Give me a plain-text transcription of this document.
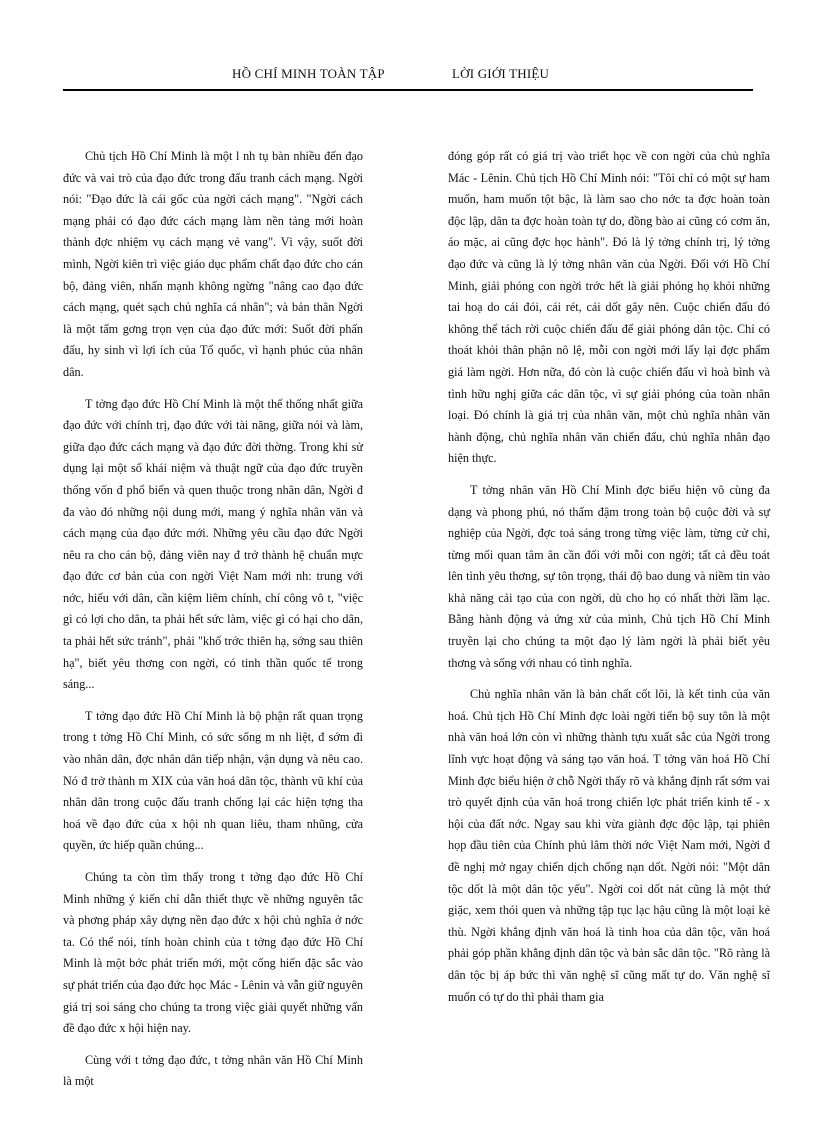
HỒ CHÍ MINH TOÀN TẬP	LỜI GIỚI THIỆU

Chủ tịch Hồ Chí Minh là một l nh tụ bàn nhiều đến đạo đức và vai trò của đạo đức trong đấu tranh cách mạng. Ngời nói: "Đạo đức là cái gốc của ngời cách mạng". "Ngời cách mạng phải có đạo đức cách mạng làm nền tảng mới hoàn thành đợc nhiệm vụ cách mạng vẻ vang". Vì vậy, suốt đời mình, Ngời kiên trì việc giáo dục phẩm chất đạo đức cho cán bộ, đảng viên, nhấn mạnh không ngừng "nâng cao đạo đức cách mạng, quét sạch chủ nghĩa cá nhân"; và bản thân Ngời là một tấm gơng trọn vẹn của đạo đức mới: Suốt đời phấn đấu, hy sinh vì lợi ích của Tổ quốc, vì hạnh phúc của nhân dân.

T tởng đạo đức Hồ Chí Minh là một thể thống nhất giữa đạo đức với chính trị, đạo đức với tài năng, giữa nói và làm, giữa đạo đức cách mạng và đạo đức đời thờng. Trong khi sử dụng lại một số khái niệm và thuật ngữ của đạo đức truyền thống vốn đ phổ biến và quen thuộc trong nhân dân, Ngời đ đa vào đó những nội dung mới, mang ý nghĩa nhân văn và cách mạng của đạo đức mới. Những yêu cầu đạo đức Ngời nêu ra cho cán bộ, đảng viên nay đ trở thành hệ chuẩn mực đạo đức cơ bản của con ngời Việt Nam mới nh: trung với nớc, hiếu với dân, cần kiệm liêm chính, chí công vô t, "việc gì có lợi cho dân, ta phải hết sức làm, việc gì có hại cho dân, ta phải hết sức tránh", phải "khổ trớc thiên hạ, sớng sau thiên hạ", biết yêu thơng con ngời, có tinh thần quốc tế trong sáng...

T tởng đạo đức Hồ Chí Minh là bộ phận rất quan trọng trong t tởng Hồ Chí Minh, có sức sống m nh liệt, đ sớm đi vào nhân dân, đợc nhân dân tiếp nhận, vận dụng và nêu cao. Nó đ trở thành m XIX của văn hoá dân tộc, thành vũ khí của nhân dân trong cuộc đấu tranh chống lại các hiện tợng tha hoá về đạo đức của x hội nh quan liêu, tham nhũng, cửa quyền, ức hiếp quần chúng...

Chúng ta còn tìm thấy trong t tởng đạo đức Hồ Chí Minh những ý kiến chỉ dẫn thiết thực về những nguyên tắc và phơng pháp xây dựng nền đạo đức x hội chủ nghĩa ở nớc ta. Có thể nói, tính hoàn chỉnh của t tởng đạo đức Hồ Chí Minh là một bớc phát triển mới, một cống hiến đặc sắc vào sự phát triển của đạo đức học Mác - Lênin và vẫn giữ nguyên giá trị soi sáng cho chúng ta trong việc giải quyết những vấn đề đạo đức x hội hiện nay.

Cùng với t tởng đạo đức, t tởng nhân văn Hồ Chí Minh là một

đóng góp rất có giá trị vào triết học về con ngời của chủ nghĩa Mác - Lênin. Chủ tịch Hồ Chí Minh nói: "Tôi chỉ có một sự ham muốn, ham muốn tột bậc, là làm sao cho nớc ta đợc hoàn toàn độc lập, dân ta đợc hoàn toàn tự do, đồng bào ai cũng có cơm ăn, áo mặc, ai cũng đợc học hành". Đó là lý tởng chính trị, lý tởng đạo đức và cũng là lý tởng nhân văn của Ngời. Đối với Hồ Chí Minh, giải phóng con ngời trớc hết là giải phóng họ khỏi những tai hoạ do cái đói, cái rét, cái dốt gây nên. Cuộc chiến đấu đó không thể tách rời cuộc chiến đấu để giải phóng dân tộc. Chỉ có thoát khỏi thân phận nô lệ, mỗi con ngời mới lấy lại đợc phẩm giá làm ngời. Hơn nữa, đó còn là cuộc chiến đấu vì hoà bình và tình hữu nghị giữa các dân tộc, vì sự giải phóng của toàn nhân loại. Đó chính là giá trị của nhân văn, một chủ nghĩa nhân văn hành động, chủ nghĩa nhân văn chiến đấu, chủ nghĩa nhân đạo hiện thực.

T tởng nhân văn Hồ Chí Minh đợc biểu hiện vô cùng đa dạng và phong phú, nó thấm đậm trong toàn bộ cuộc đời và sự nghiệp của Ngời, đợc toả sáng trong từng việc làm, từng cử chỉ, từng mối quan tâm ân cần đối với mỗi con ngời; tất cả đều toát lên tình yêu thơng, sự tôn trọng, thái độ bao dung và niềm tin vào khả năng cải tạo của con ngời, dù cho họ có nhất thời lầm lạc. Bằng hành động và ứng xử của mình, Chủ tịch Hồ Chí Minh truyền lại cho chúng ta một đạo lý làm ngời là phải biết yêu thơng và sống với nhau có tình nghĩa.

Chủ nghĩa nhân văn là bản chất cốt lõi, là kết tinh của văn hoá. Chủ tịch Hồ Chí Minh đợc loài ngời tiến bộ suy tôn là một nhà văn hoá lớn còn vì những thành tựu xuất sắc của Ngời trong lĩnh vực hoạt động và sáng tạo văn hoá. T tởng văn hoá Hồ Chí Minh đợc biểu hiện ở chỗ Ngời thấy rõ và khẳng định rất sớm vai trò quyết định của văn hoá trong chiến lợc phát triển kinh tế - x hội của đất nớc. Ngay sau khi vừa giành đợc độc lập, tại phiên họp đầu tiên của Chính phủ lâm thời nớc Việt Nam mới, Ngời đ đề nghị mở ngay chiến dịch chống nạn dốt. Ngời nói: "Một dân tộc dốt là một dân tộc yếu". Ngời coi dốt nát cũng là một thứ giặc, xem thói quen và những tập tục lạc hậu cũng là một loại kẻ thù. Ngời khẳng định văn hoá là tinh hoa của dân tộc, văn hoá phải góp phần khẳng định dân tộc và bản sắc dân tộc. "Rõ ràng là dân tộc bị áp bức thì văn nghệ sĩ cũng mất tự do. Văn nghệ sĩ muốn có tự do thì phải tham gia
